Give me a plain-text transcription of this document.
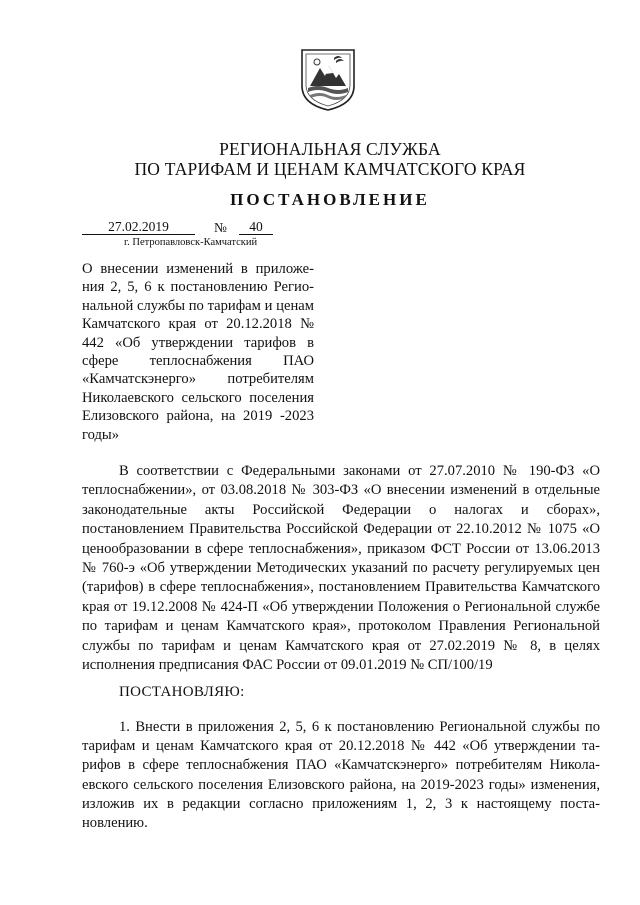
РЕГИОНАЛЬНАЯ СЛУЖБА
ПО ТАРИФАМ И ЦЕНАМ КАМЧАТСКОГО КРАЯ
ПОСТАНОВЛЕНИЕ
27.02.2019	№	40
г. Петропавловск-Камчатский
О внесении изменений в приложения 2, 5, 6 к постановлению Региональной службы по тарифам и ценам Камчатского края от 20.12.2018 № 442 «Об утверждении тарифов в сфере теплоснабжения ПАО «Камчатскэнерго» потребителям Николаевского сельского поселения Елизовского района, на 2019 -2023 годы»
В соответствии с Федеральными законами от 27.07.2010 № 190-ФЗ «О теплоснабжении», от 03.08.2018 № 303-ФЗ «О внесении изменений в отдельные законодательные акты Российской Федерации о налогах и сборах», постановлением Правительства Российской Федерации от 22.10.2012 № 1075 «О ценообразовании в сфере теплоснабжения», приказом ФСТ России от 13.06.2013 № 760-э «Об утверждении Методических указаний по расчету регулируемых цен (тарифов) в сфере теплоснабжения», постановлением Правительства Камчатского края от 19.12.2008 № 424-П «Об утверждении Положения о Региональной службе по тарифам и ценам Камчатского края», протоколом Правления Региональной службы по тарифам и ценам Камчатского края от 27.02.2019 № 8, в целях исполнения предписания ФАС России от 09.01.2019 № СП/100/19
ПОСТАНОВЛЯЮ:
1. Внести в приложения 2, 5, 6 к постановлению Региональной службы по тарифам и ценам Камчатского края от 20.12.2018 № 442 «Об утверждении тарифов в сфере теплоснабжения ПАО «Камчатскэнерго» потребителям Николаевского сельского поселения Елизовского района, на 2019-2023 годы» изменения, изложив их в редакции согласно приложениям 1, 2, 3 к настоящему постановлению.
